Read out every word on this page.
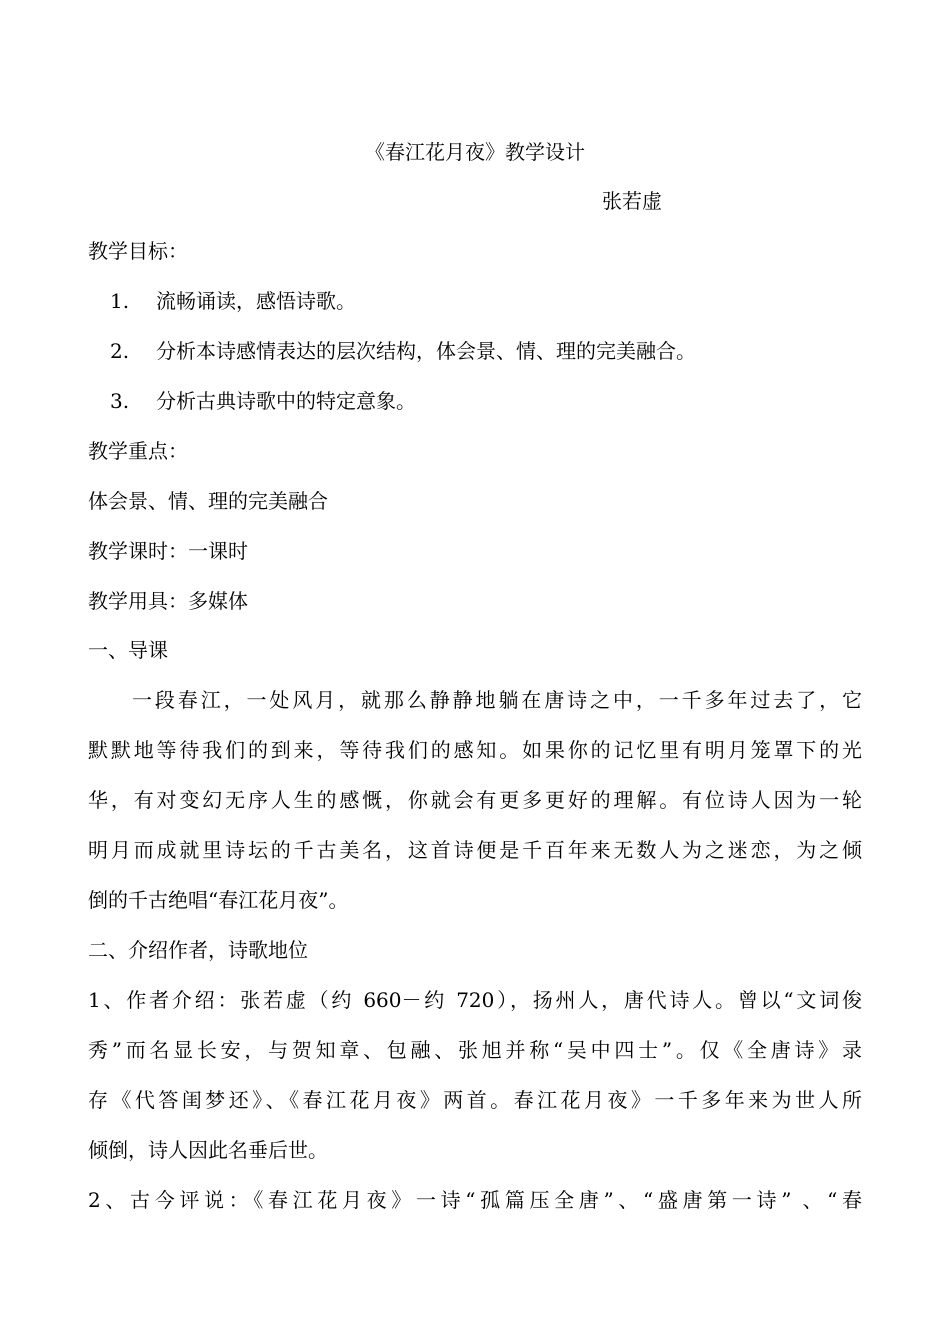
《春江花月夜》教学设计
张若虚
教学目标：
1. 流畅诵读，感悟诗歌。
2. 分析本诗感情表达的层次结构，体会景、情、理的完美融合。
3. 分析古典诗歌中的特定意象。
教学重点：
体会景、情、理的完美融合
教学课时：一课时
教学用具：多媒体
一、导课
一段春江，一处风月，就那么静静地躺在唐诗之中，一千多年过去了，它
默默地等待我们的到来，等待我们的感知。如果你的记忆里有明月笼罩下的光
华，有对变幻无序人生的感慨，你就会有更多更好的理解。有位诗人因为一轮
明月而成就里诗坛的千古美名，这首诗便是千百年来无数人为之迷恋，为之倾
倒的千古绝唱“春江花月夜”。
二、介绍作者，诗歌地位
1、作者介绍：张若虚（约 660－约 720），扬州人，唐代诗人。曾以“文词俊
秀”而名显长安，与贺知章、包融、张旭并称“吴中四士”。仅《全唐诗》录
存《代答闺梦还》、《春江花月夜》两首。春江花月夜》一千多年来为世人所
倾倒，诗人因此名垂后世。
2、古今评说：《春江花月夜》一诗“孤篇压全唐”、“盛唐第一诗” 、“春
